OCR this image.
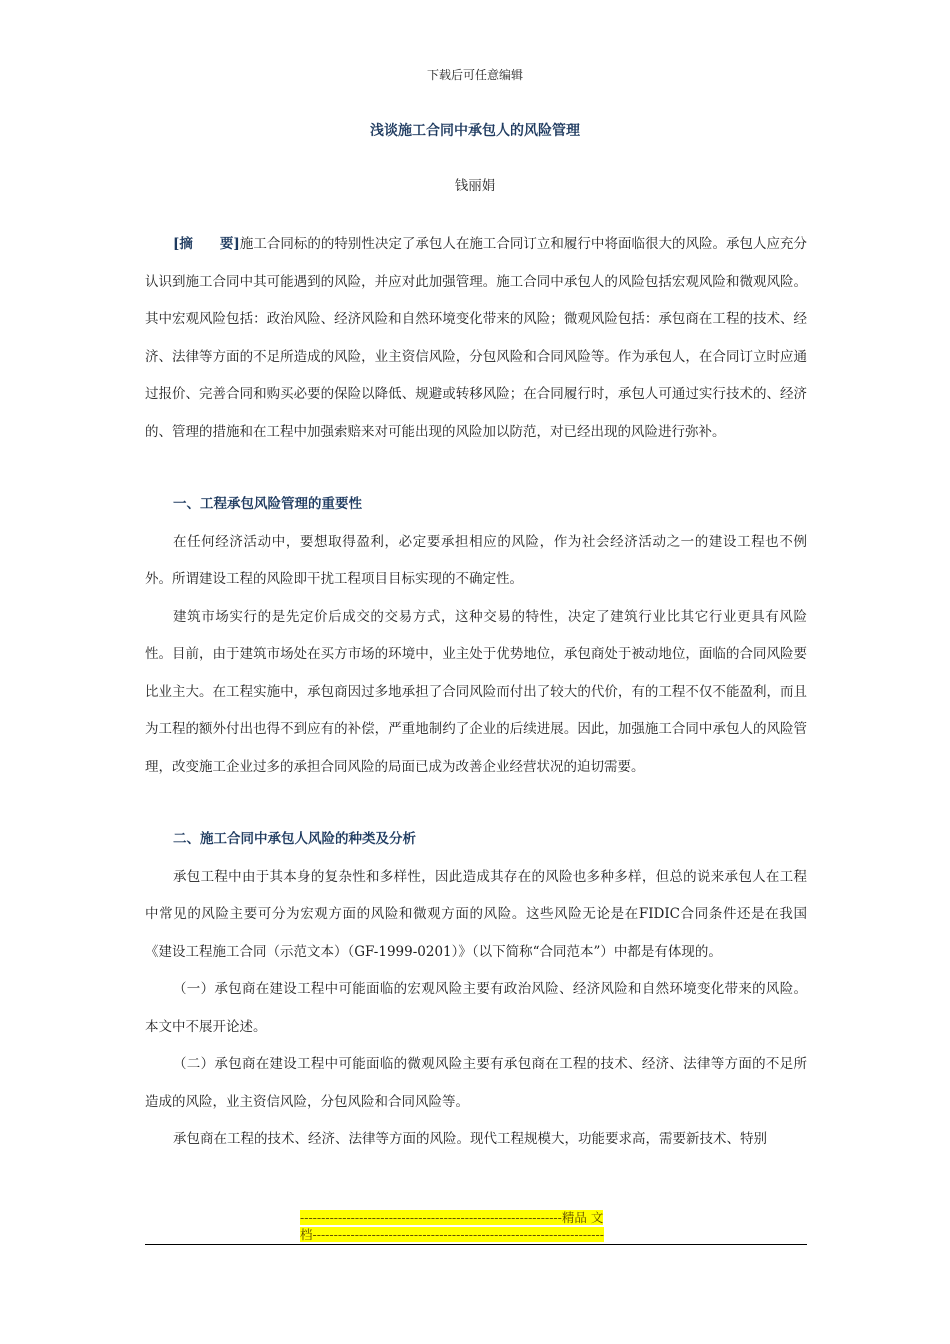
下载后可任意编辑
浅谈施工合同中承包人的风险管理
钱丽娟

[摘　　要]施工合同标的的特别性决定了承包人在施工合同订立和履行中将面临很大的风险。承包人应充分认识到施工合同中其可能遇到的风险，并应对此加强管理。施工合同中承包人的风险包括宏观风险和微观风险。其中宏观风险包括：政治风险、经济风险和自然环境变化带来的风险；微观风险包括：承包商在工程的技术、经济、法律等方面的不足所造成的风险，业主资信风险，分包风险和合同风险等。作为承包人，在合同订立时应通过报价、完善合同和购买必要的保险以降低、规避或转移风险；在合同履行时，承包人可通过实行技术的、经济的、管理的措施和在工程中加强索赔来对可能出现的风险加以防范，对已经出现的风险进行弥补。

一、工程承包风险管理的重要性

在任何经济活动中，要想取得盈利，必定要承担相应的风险，作为社会经济活动之一的建设工程也不例外。所谓建设工程的风险即干扰工程项目目标实现的不确定性。

建筑市场实行的是先定价后成交的交易方式，这种交易的特性，决定了建筑行业比其它行业更具有风险性。目前，由于建筑市场处在买方市场的环境中，业主处于优势地位，承包商处于被动地位，面临的合同风险要比业主大。在工程实施中，承包商因过多地承担了合同风险而付出了较大的代价，有的工程不仅不能盈利，而且为工程的额外付出也得不到应有的补偿，严重地制约了企业的后续进展。因此，加强施工合同中承包人的风险管理，改变施工企业过多的承担合同风险的局面已成为改善企业经营状况的迫切需要。

二、施工合同中承包人风险的种类及分析

承包工程中由于其本身的复杂性和多样性，因此造成其存在的风险也多种多样，但总的说来承包人在工程中常见的风险主要可分为宏观方面的风险和微观方面的风险。这些风险无论是在FIDIC合同条件还是在我国《建设工程施工合同（示范文本）（GF-1999-0201）》（以下简称“合同范本”）中都是有体现的。

（一）承包商在建设工程中可能面临的宏观风险主要有政治风险、经济风险和自然环境变化带来的风险。本文中不展开论述。

（二）承包商在建设工程中可能面临的微观风险主要有承包商在工程的技术、经济、法律等方面的不足所造成的风险，业主资信风险，分包风险和合同风险等。

承包商在工程的技术、经济、法律等方面的风险。现代工程规模大，功能要求高，需要新技术、特别

--------------------------------------------------------------精品 文
档---------------------------------------------------------------------
